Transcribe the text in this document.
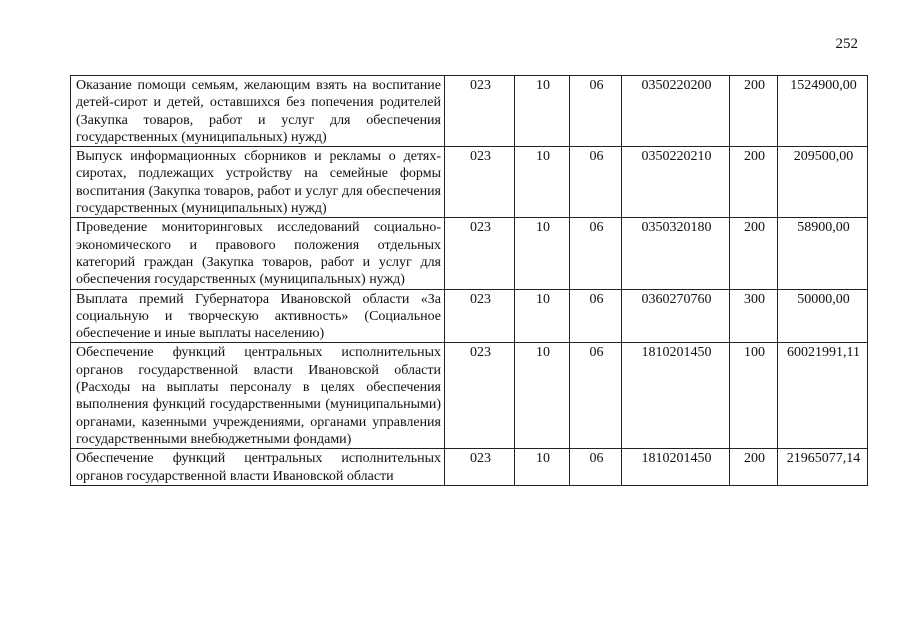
252
Оказание помощи семьям, желающим взять на воспитание детей-сирот и детей, оставшихся без попечения родителей (Закупка товаров, работ и услуг для обеспечения государственных (муниципальных) нужд)	023	10	06	0350220200	200	1524900,00
Выпуск информационных сборников и рекламы о детях-сиротах, подлежащих устройству на семейные формы воспитания (Закупка товаров, работ и услуг для обеспечения государственных (муниципальных) нужд)	023	10	06	0350220210	200	209500,00
Проведение мониторинговых исследований социально-экономического и правового положения отдельных категорий граждан (Закупка товаров, работ и услуг для обеспечения государственных (муниципальных) нужд)	023	10	06	0350320180	200	58900,00
Выплата премий Губернатора Ивановской области «За социальную и творческую активность» (Социальное обеспечение и иные выплаты населению)	023	10	06	0360270760	300	50000,00
Обеспечение функций центральных исполнительных органов государственной власти Ивановской области (Расходы на выплаты персоналу в целях обеспечения выполнения функций государственными (муниципальными) органами, казенными учреждениями, органами управления государственными внебюджетными фондами)	023	10	06	1810201450	100	60021991,11
Обеспечение функций центральных исполнительных органов государственной власти Ивановской области	023	10	06	1810201450	200	21965077,14
